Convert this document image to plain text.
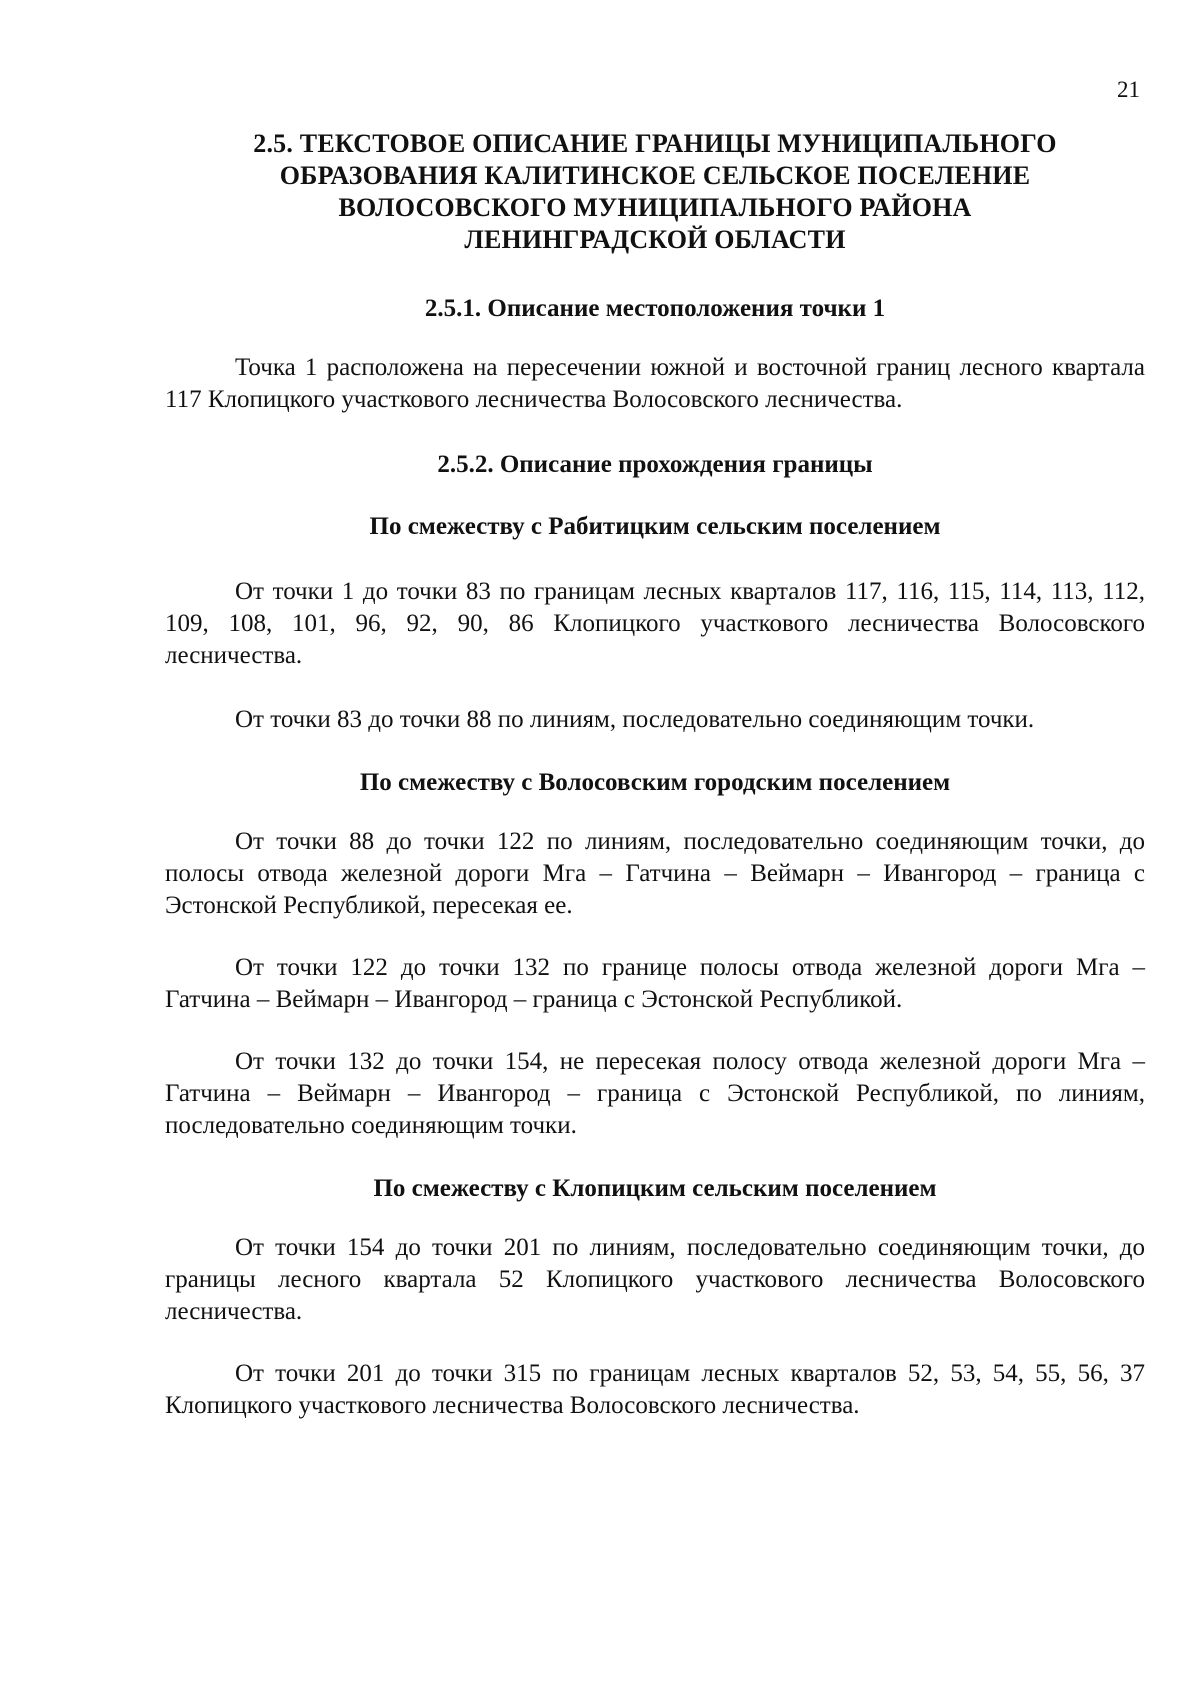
21
2.5. ТЕКСТОВОЕ ОПИСАНИЕ ГРАНИЦЫ МУНИЦИПАЛЬНОГО
ОБРАЗОВАНИЯ КАЛИТИНСКОЕ СЕЛЬСКОЕ ПОСЕЛЕНИЕ
ВОЛОСОВСКОГО МУНИЦИПАЛЬНОГО РАЙОНА
ЛЕНИНГРАДСКОЙ ОБЛАСТИ
2.5.1. Описание местоположения точки 1

Точка 1 расположена на пересечении южной и восточной границ лесного квартала 117 Клопицкого участкового лесничества Волосовского лесничества.

2.5.2. Описание прохождения границы
По смежеству с Рабитицким сельским поселением

От точки 1 до точки 83 по границам лесных кварталов 117, 116, 115, 114, 113, 112, 109, 108, 101, 96, 92, 90, 86 Клопицкого участкового лесничества Волосовского лесничества.

От точки 83 до точки 88 по линиям, последовательно соединяющим точки.

По смежеству с Волосовским городским поселением

От точки 88 до точки 122 по линиям, последовательно соединяющим точки, до полосы отвода железной дороги Мга – Гатчина – Веймарн – Ивангород – граница с Эстонской Республикой, пересекая ее.

От точки 122 до точки 132 по границе полосы отвода железной дороги Мга – Гатчина – Веймарн – Ивангород – граница с Эстонской Республикой.

От точки 132 до точки 154, не пересекая полосу отвода железной дороги Мга – Гатчина – Веймарн – Ивангород – граница с Эстонской Республикой, по линиям, последовательно соединяющим точки.

По смежеству с Клопицким сельским поселением

От точки 154 до точки 201 по линиям, последовательно соединяющим точки, до границы лесного квартала 52 Клопицкого участкового лесничества Волосовского лесничества.

От точки 201 до точки 315 по границам лесных кварталов 52, 53, 54, 55, 56, 37 Клопицкого участкового лесничества Волосовского лесничества.
